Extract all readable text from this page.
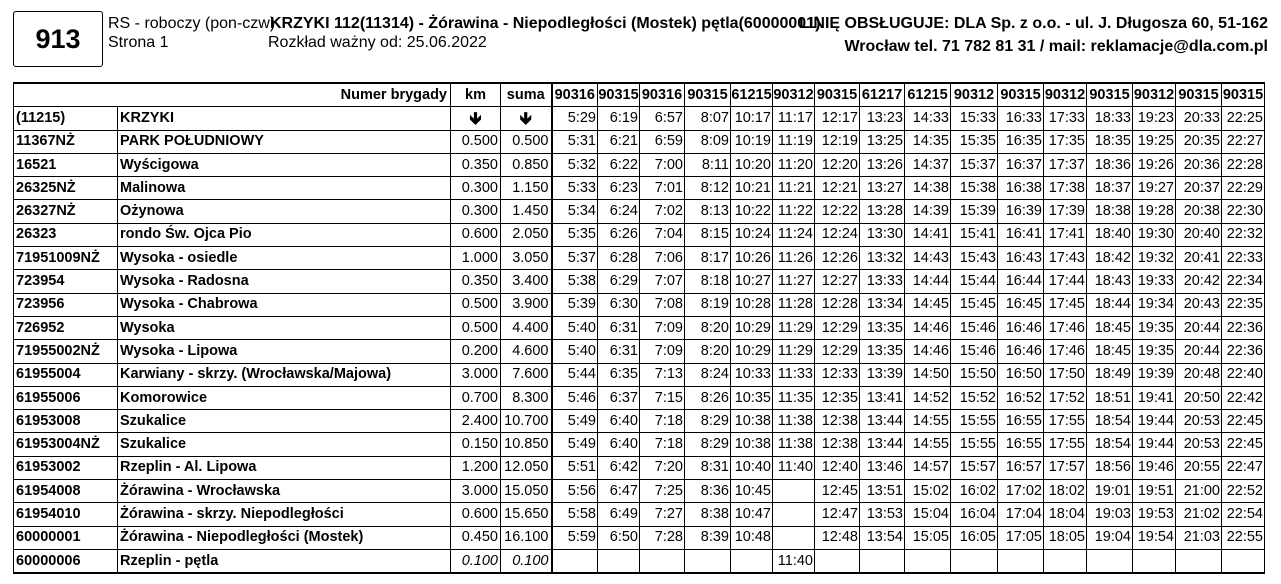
913 RS - roboczy (pon-czw)
Strona 1
KRZYKI 112(11314) - Żórawina - Niepodległości (Mostek) pętla(60000001)
Rozkład ważny od: 25.06.2022
LINIĘ OBSŁUGUJE: DLA Sp. z o.o. - ul. J. Długosza 60, 51-162
Wrocław tel. 71 782 81 31 / mail: reklamacje@dla.com.pl
Numer brygady		km	suma	90316	90315	90316	90315	61215	90312	90315	61217	61215	90312	90315	90312	90315	90312	90315	90315
(11215)	KRZYKI	🡻	🡻	5:29	6:19	6:57	8:07	10:17	11:17	12:17	13:23	14:33	15:33	16:33	17:33	18:33	19:23	20:33	22:25
11367NŻ	PARK POŁUDNIOWY	0.500	0.500	5:31	6:21	6:59	8:09	10:19	11:19	12:19	13:25	14:35	15:35	16:35	17:35	18:35	19:25	20:35	22:27
16521	Wyścigowa	0.350	0.850	5:32	6:22	7:00	8:11	10:20	11:20	12:20	13:26	14:37	15:37	16:37	17:37	18:36	19:26	20:36	22:28
26325NŻ	Malinowa	0.300	1.150	5:33	6:23	7:01	8:12	10:21	11:21	12:21	13:27	14:38	15:38	16:38	17:38	18:37	19:27	20:37	22:29
26327NŻ	Ożynowa	0.300	1.450	5:34	6:24	7:02	8:13	10:22	11:22	12:22	13:28	14:39	15:39	16:39	17:39	18:38	19:28	20:38	22:30
26323	rondo Św. Ojca Pio	0.600	2.050	5:35	6:26	7:04	8:15	10:24	11:24	12:24	13:30	14:41	15:41	16:41	17:41	18:40	19:30	20:40	22:32
71951009NŻ	Wysoka - osiedle	1.000	3.050	5:37	6:28	7:06	8:17	10:26	11:26	12:26	13:32	14:43	15:43	16:43	17:43	18:42	19:32	20:41	22:33
723954	Wysoka - Radosna	0.350	3.400	5:38	6:29	7:07	8:18	10:27	11:27	12:27	13:33	14:44	15:44	16:44	17:44	18:43	19:33	20:42	22:34
723956	Wysoka - Chabrowa	0.500	3.900	5:39	6:30	7:08	8:19	10:28	11:28	12:28	13:34	14:45	15:45	16:45	17:45	18:44	19:34	20:43	22:35
726952	Wysoka	0.500	4.400	5:40	6:31	7:09	8:20	10:29	11:29	12:29	13:35	14:46	15:46	16:46	17:46	18:45	19:35	20:44	22:36
71955002NŻ	Wysoka - Lipowa	0.200	4.600	5:40	6:31	7:09	8:20	10:29	11:29	12:29	13:35	14:46	15:46	16:46	17:46	18:45	19:35	20:44	22:36
61955004	Karwiany - skrzy. (Wrocławska/Majowa)	3.000	7.600	5:44	6:35	7:13	8:24	10:33	11:33	12:33	13:39	14:50	15:50	16:50	17:50	18:49	19:39	20:48	22:40
61955006	Komorowice	0.700	8.300	5:46	6:37	7:15	8:26	10:35	11:35	12:35	13:41	14:52	15:52	16:52	17:52	18:51	19:41	20:50	22:42
61953008	Szukalice	2.400	10.700	5:49	6:40	7:18	8:29	10:38	11:38	12:38	13:44	14:55	15:55	16:55	17:55	18:54	19:44	20:53	22:45
61953004NŻ	Szukalice	0.150	10.850	5:49	6:40	7:18	8:29	10:38	11:38	12:38	13:44	14:55	15:55	16:55	17:55	18:54	19:44	20:53	22:45
61953002	Rzeplin - Al. Lipowa	1.200	12.050	5:51	6:42	7:20	8:31	10:40	11:40	12:40	13:46	14:57	15:57	16:57	17:57	18:56	19:46	20:55	22:47
61954008	Żórawina - Wrocławska	3.000	15.050	5:56	6:47	7:25	8:36	10:45		12:45	13:51	15:02	16:02	17:02	18:02	19:01	19:51	21:00	22:52
61954010	Żórawina - skrzy. Niepodległości	0.600	15.650	5:58	6:49	7:27	8:38	10:47		12:47	13:53	15:04	16:04	17:04	18:04	19:03	19:53	21:02	22:54
60000001	Żórawina - Niepodległości (Mostek)	0.450	16.100	5:59	6:50	7:28	8:39	10:48		12:48	13:54	15:05	16:05	17:05	18:05	19:04	19:54	21:03	22:55
60000006	Rzeplin - pętla	0.100	0.100						11:40										
